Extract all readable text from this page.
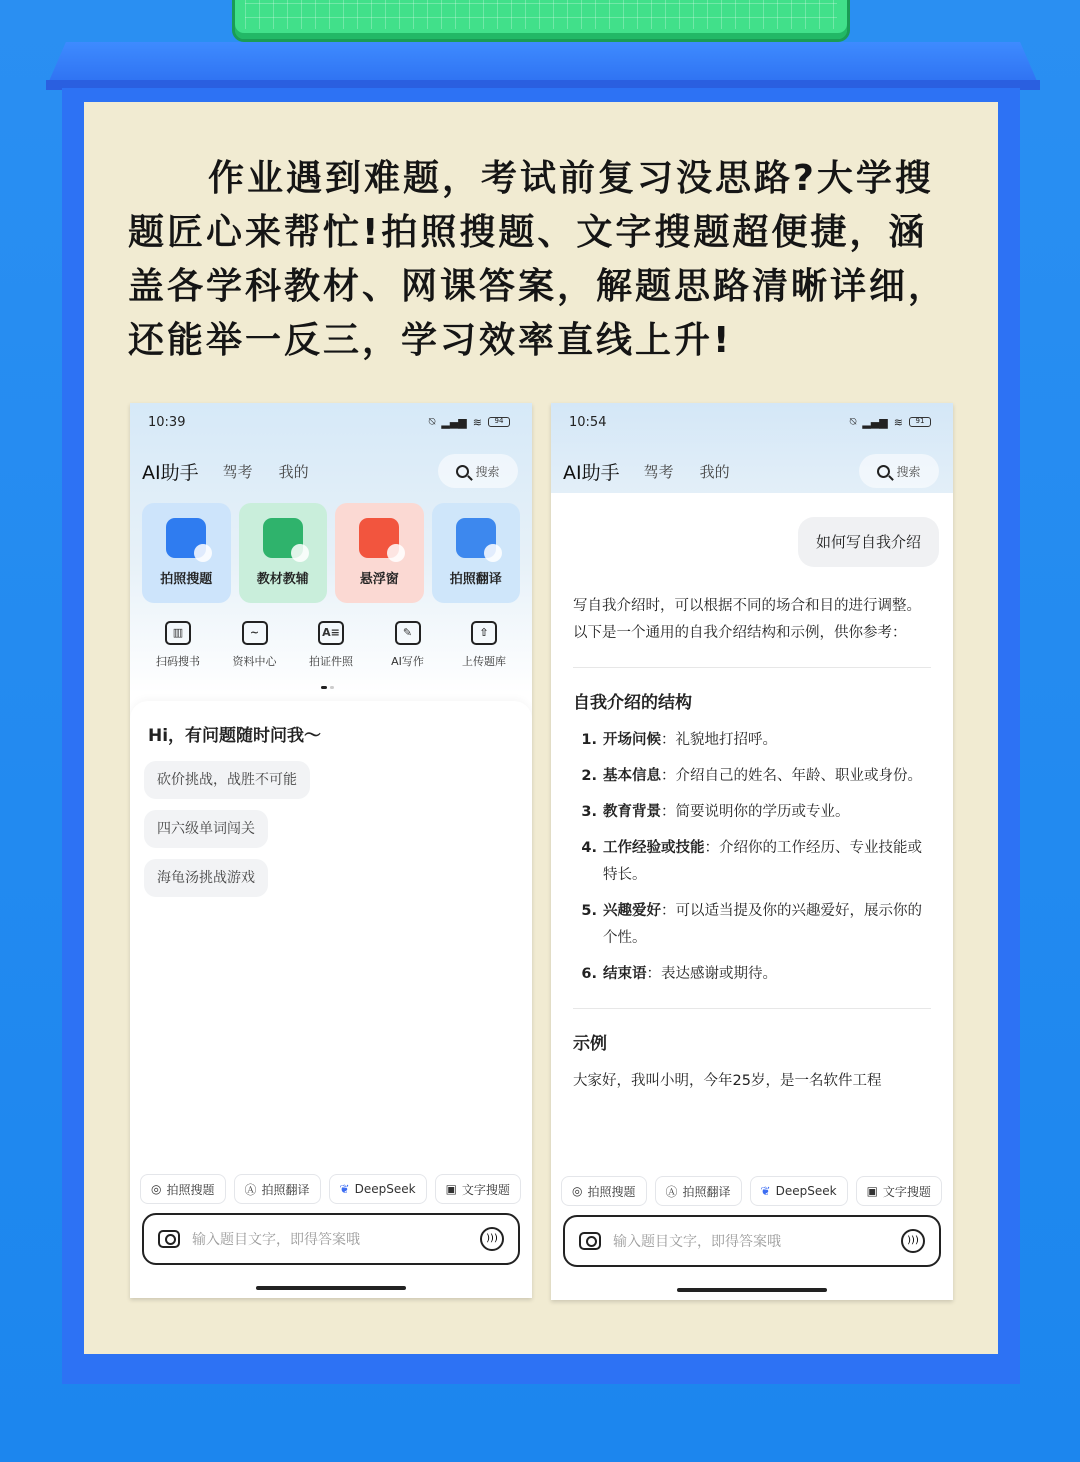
作业遇到难题，考试前复习没思路?大学搜题匠心来帮忙!拍照搜题、文字搜题超便捷，涵盖各学科教材、网课答案，解题思路清晰详细，还能举一反三，学习效率直线上升!

10:39	⍉ ▂▄▆ ≋	94
AI助手 驾考 我的	搜索
拍照搜题	教材教辅	悬浮窗	拍照翻译
▥
扫码搜书
~
资料中心
A≡
拍证件照
✎
AI写作
⇧
上传题库
Hi，有问题随时问我～
砍价挑战，战胜不可能
四六级单词闯关
海龟汤挑战游戏
◎ 拍照搜题	Ⓐ 拍照翻译	❦ DeepSeek	▣ 文字搜题
输入题目文字，即得答案哦	)))
10:54	⍉ ▂▄▆ ≋	91
AI助手 驾考 我的	搜索
如何写自我介绍

写自我介绍时，可以根据不同的场合和目的进行调整。以下是一个通用的自我介绍结构和示例，供你参考：

自我介绍的结构
1. 开场问候：礼貌地打招呼。
2. 基本信息：介绍自己的姓名、年龄、职业或身份。
3. 教育背景：简要说明你的学历或专业。
4. 工作经验或技能：介绍你的工作经历、专业技能或特长。
5. 兴趣爱好：可以适当提及你的兴趣爱好，展示你的个性。
6. 结束语：表达感谢或期待。
示例

大家好，我叫小明，今年25岁，是一名软件工程

◎ 拍照搜题	Ⓐ 拍照翻译	❦ DeepSeek	▣ 文字搜题
输入题目文字，即得答案哦	)))
